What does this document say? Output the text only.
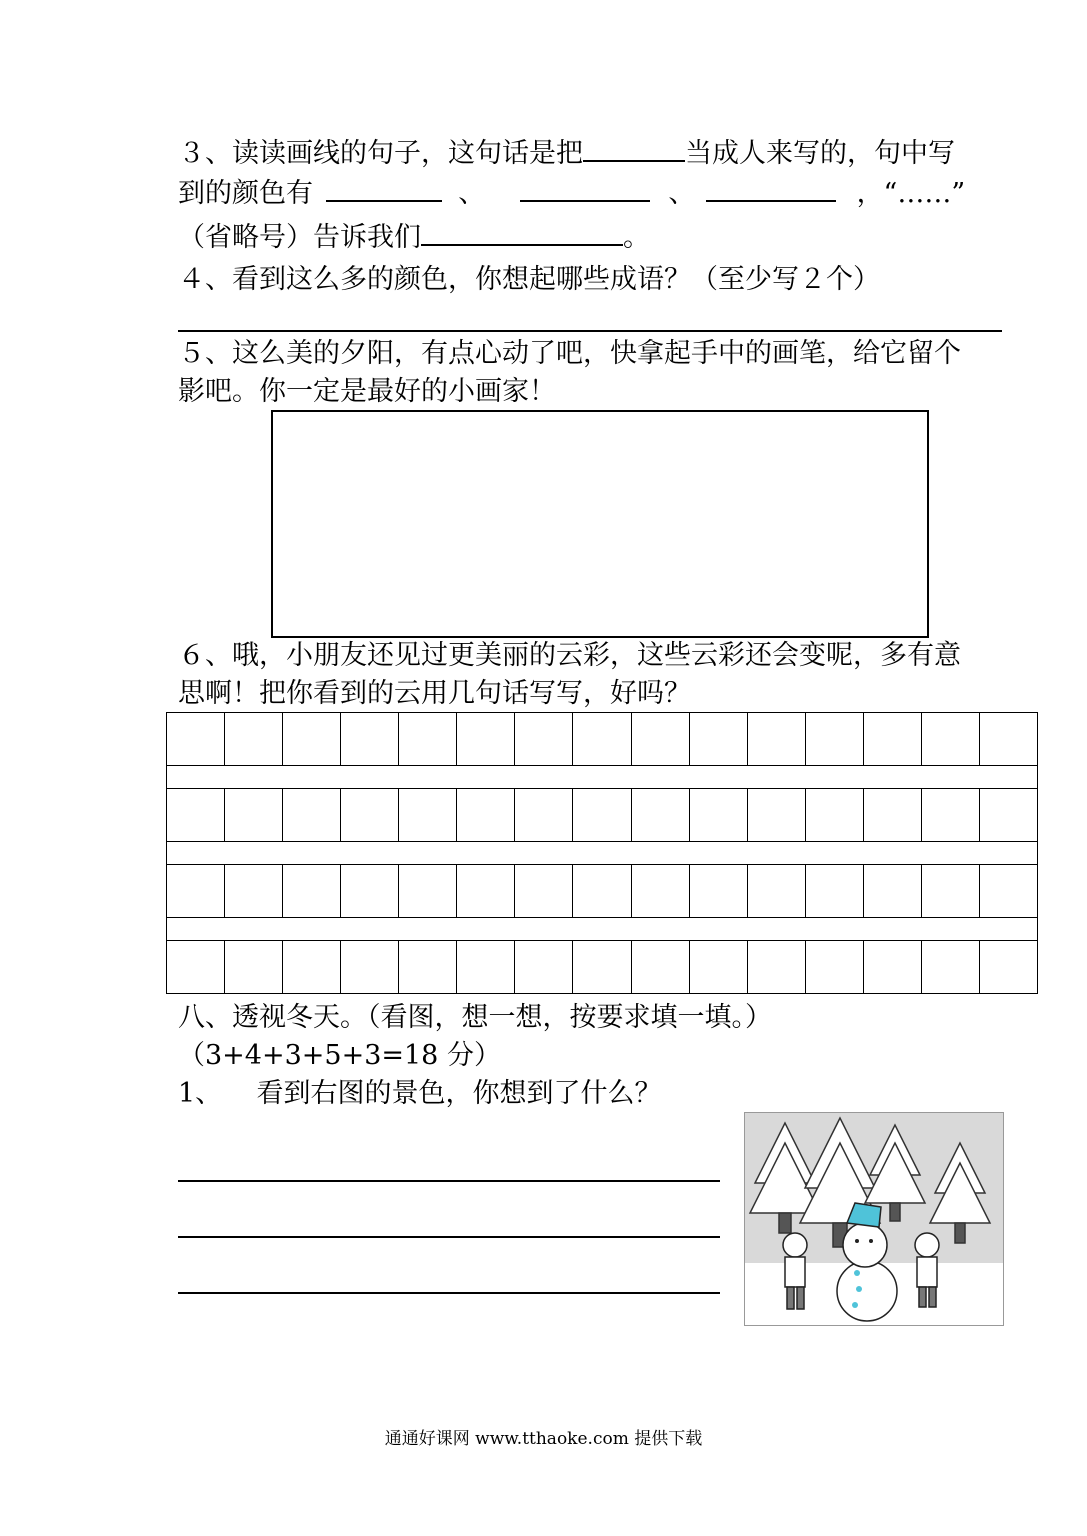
３、读读画线的句子，这句话是把	当成人来写的，句中写
到的颜色有	、	、	，“……”
（省略号）告诉我们	。
４、看到这么多的颜色，你想起哪些成语？（至少写２个）
５、这么美的夕阳，有点心动了吧，快拿起手中的画笔，给它留个
影吧。你一定是最好的小画家！
６、哦，小朋友还见过更美丽的云彩，这些云彩还会变呢，多有意
思啊！把你看到的云用几句话写写，好吗？

八、透视冬天。（看图，想一想，按要求填一填。）
（3+4+3+5+3=18 分）
1、    看到右图的景色，你想到了什么？
通通好课网 www.tthaoke.com 提供下载
